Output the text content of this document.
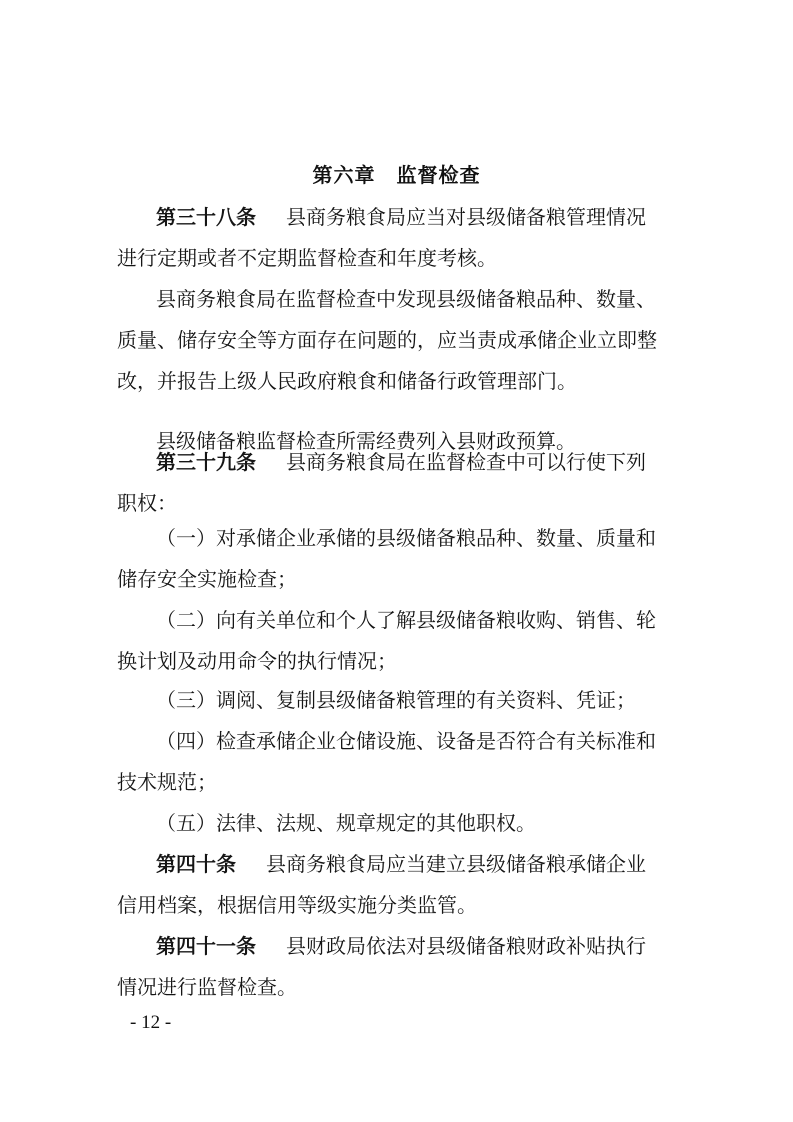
第六章　监督检查
第三十八条 县商务粮食局应当对县级储备粮管理情况
进行定期或者不定期监督检查和年度考核。
县商务粮食局在监督检查中发现县级储备粮品种、数量、
质量、储存安全等方面存在问题的，应当责成承储企业立即整
改，并报告上级人民政府粮食和储备行政管理部门。
县级储备粮监督检查所需经费列入县财政预算。
第三十九条 县商务粮食局在监督检查中可以行使下列
职权：
（一）对承储企业承储的县级储备粮品种、数量、质量和
储存安全实施检查；
（二）向有关单位和个人了解县级储备粮收购、销售、轮
换计划及动用命令的执行情况；
（三）调阅、复制县级储备粮管理的有关资料、凭证；
（四）检查承储企业仓储设施、设备是否符合有关标准和
技术规范；
（五）法律、法规、规章规定的其他职权。
第四十条 县商务粮食局应当建立县级储备粮承储企业
信用档案，根据信用等级实施分类监管。
第四十一条 县财政局依法对县级储备粮财政补贴执行
情况进行监督检查。
- 12 -
